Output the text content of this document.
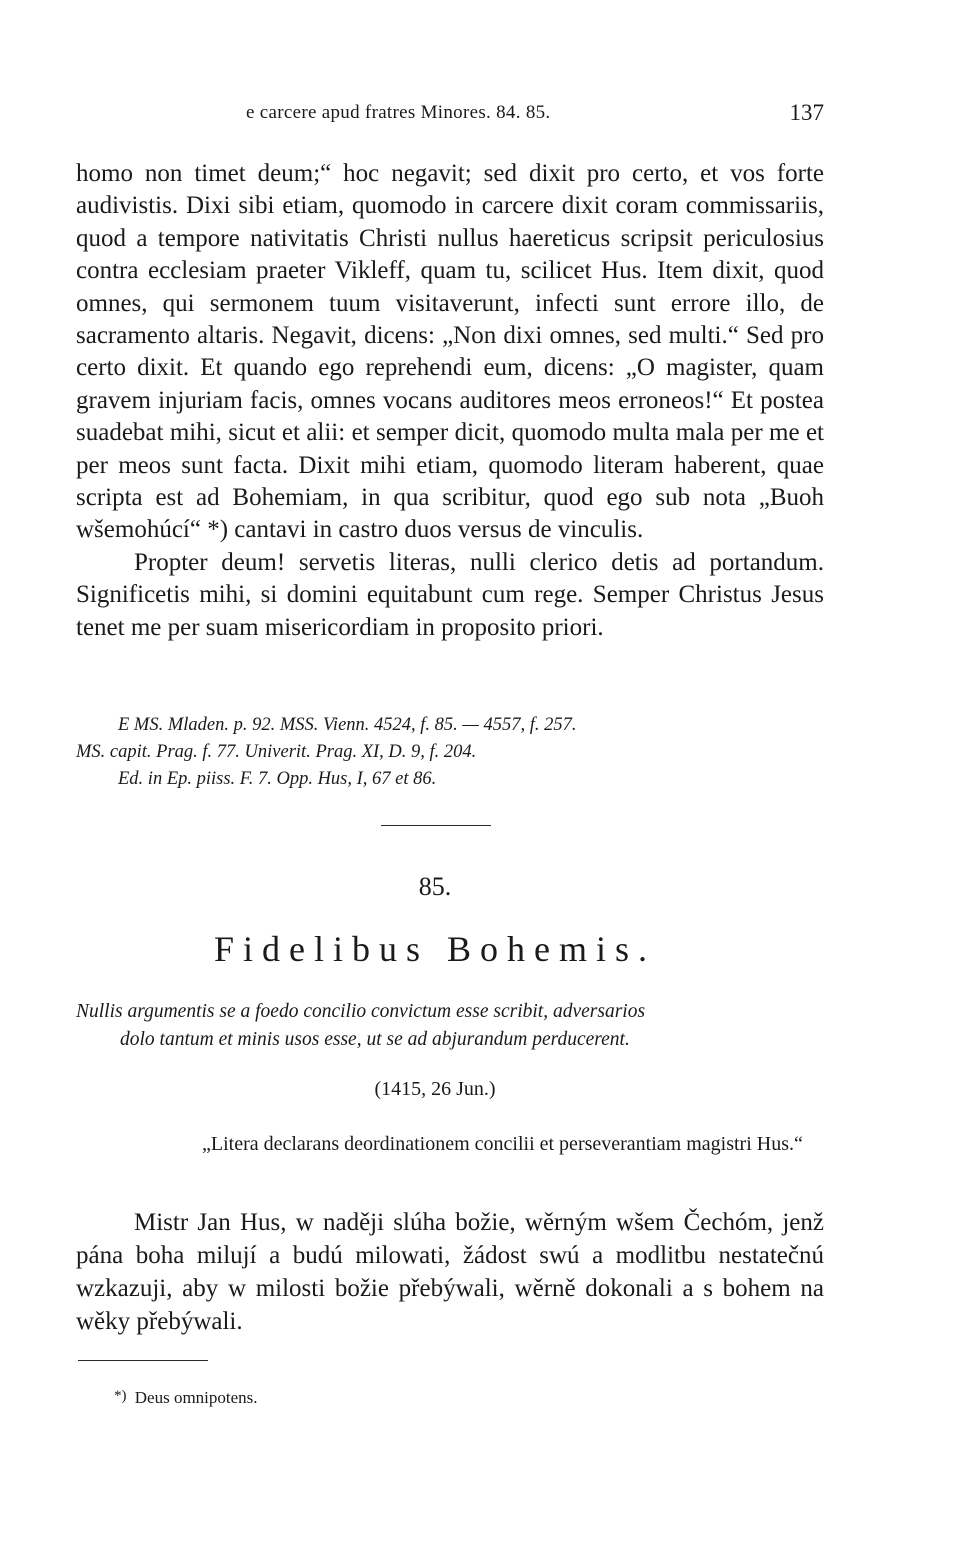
e carcere apud fratres Minores. 84. 85.	137

homo non timet deum;“ hoc negavit; sed dixit pro certo, et vos forte audivistis. Dixi sibi etiam, quomodo in carcere dixit coram commissariis, quod a tempore nativitatis Christi nullus haereticus scripsit periculosius contra ecclesiam praeter Vikleff, quam tu, scilicet Hus. Item dixit, quod omnes, qui sermonem tuum visitaverunt, infecti sunt errore illo, de sacramento altaris. Negavit, dicens: „Non dixi omnes, sed multi.“ Sed pro certo dixit. Et quando ego reprehendi eum, dicens: „O magister, quam gravem injuriam facis, omnes vocans auditores meos erroneos!“ Et postea suadebat mihi, sicut et alii: et semper dicit, quomodo multa mala per me et per meos sunt facta. Dixit mihi etiam, quomodo literam haberent, quae scripta est ad Bohemiam, in qua scribitur, quod ego sub nota „Buoh wšemohúcí“ *) cantavi in castro duos versus de vinculis.

Propter deum! servetis literas, nulli clerico detis ad portandum. Significetis mihi, si domini equitabunt cum rege. Semper Christus Jesus tenet me per suam misericordiam in proposito priori.

E MS. Mladen. p. 92. MSS. Vienn. 4524, f. 85. — 4557, f. 257.
MS. capit. Prag. f. 77. Univerit. Prag. XI, D. 9, f. 204.
Ed. in Ep. piiss. F. 7. Opp. Hus, I, 67 et 86.
85.
Fidelibus Bohemis.
Nullis argumentis se a foedo concilio convictum esse scribit, adversarios
dolo tantum et minis usos esse, ut se ad abjurandum perducerent.
(1415, 26 Jun.)
„Litera declarans deordinationem concilii et perseverantiam magistri Hus.“

Mistr Jan Hus, w naději slúha božie, wěrným wšem Čechóm, jenž pána boha milují a budú milowati, žádost swú a modlitbu nestatečnú wzkazuji, aby w milosti božie přebýwali, wěrně dokonali a s bohem na wěky přebýwali.

*) Deus omnipotens.
